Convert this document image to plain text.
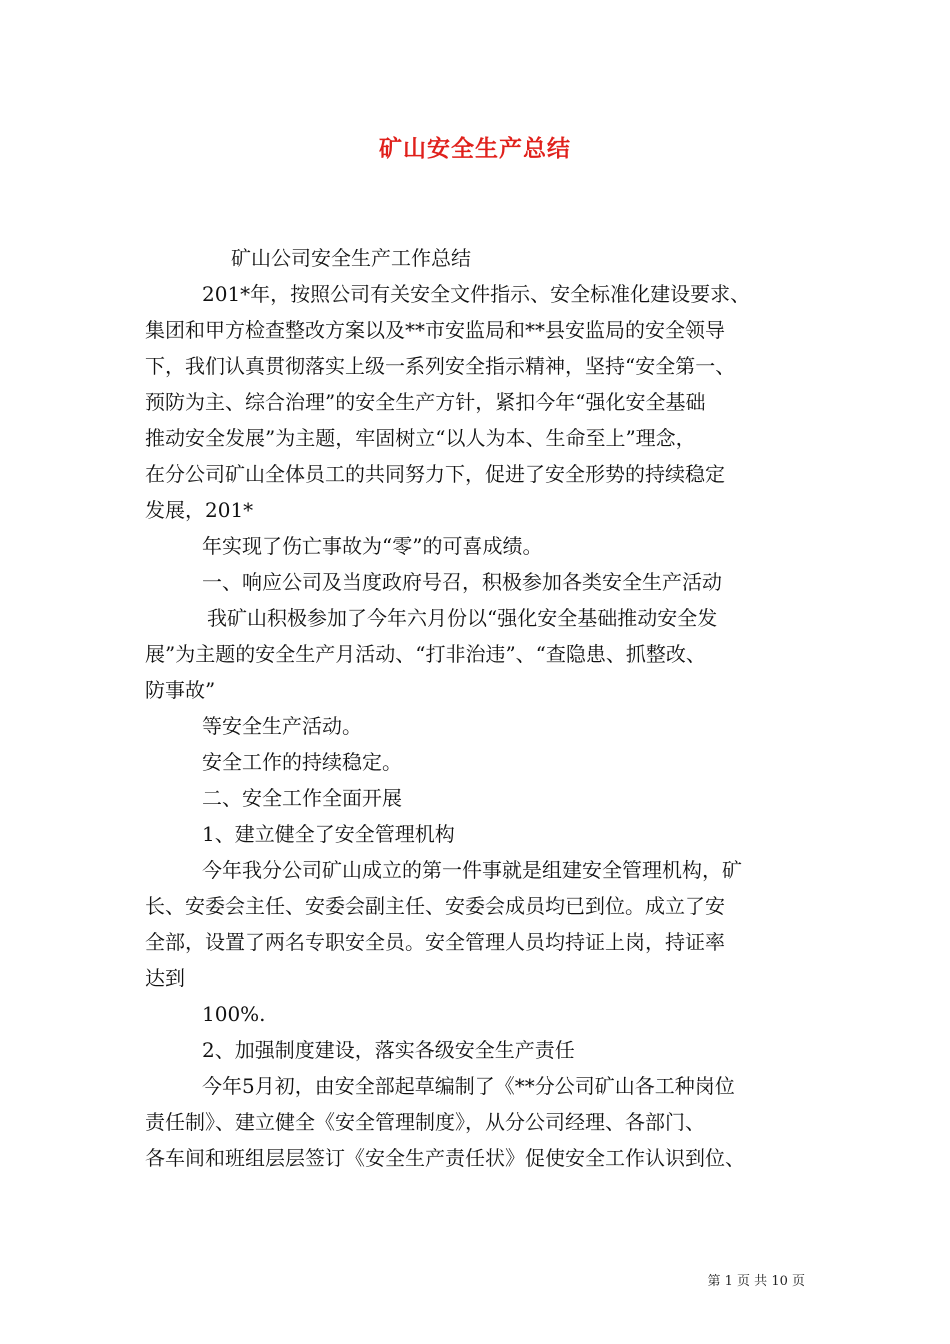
矿山安全生产总结
矿山公司安全生产工作总结
201*年，按照公司有关安全文件指示、安全标准化建设要求、
集团和甲方检查整改方案以及**市安监局和**县安监局的安全领导
下，我们认真贯彻落实上级一系列安全指示精神，坚持“安全第一、
预防为主、综合治理”的安全生产方针，紧扣今年“强化安全基础
推动安全发展”为主题，牢固树立“以人为本、生命至上”理念，
在分公司矿山全体员工的共同努力下，促进了安全形势的持续稳定
发展，201*
年实现了伤亡事故为“零”的可喜成绩。
一、响应公司及当度政府号召，积极参加各类安全生产活动
我矿山积极参加了今年六月份以“强化安全基础推动安全发
展”为主题的安全生产月活动、“打非治违”、“查隐患、抓整改、
防事故”
等安全生产活动。
安全工作的持续稳定。
二、安全工作全面开展
1、建立健全了安全管理机构
今年我分公司矿山成立的第一件事就是组建安全管理机构，矿
长、安委会主任、安委会副主任、安委会成员均已到位。成立了安
全部，设置了两名专职安全员。安全管理人员均持证上岗，持证率
达到
100%.
2、加强制度建设，落实各级安全生产责任
今年5月初，由安全部起草编制了《**分公司矿山各工种岗位
责任制》、建立健全《安全管理制度》，从分公司经理、各部门、
各车间和班组层层签订《安全生产责任状》促使安全工作认识到位、
第 1 页 共 10 页
